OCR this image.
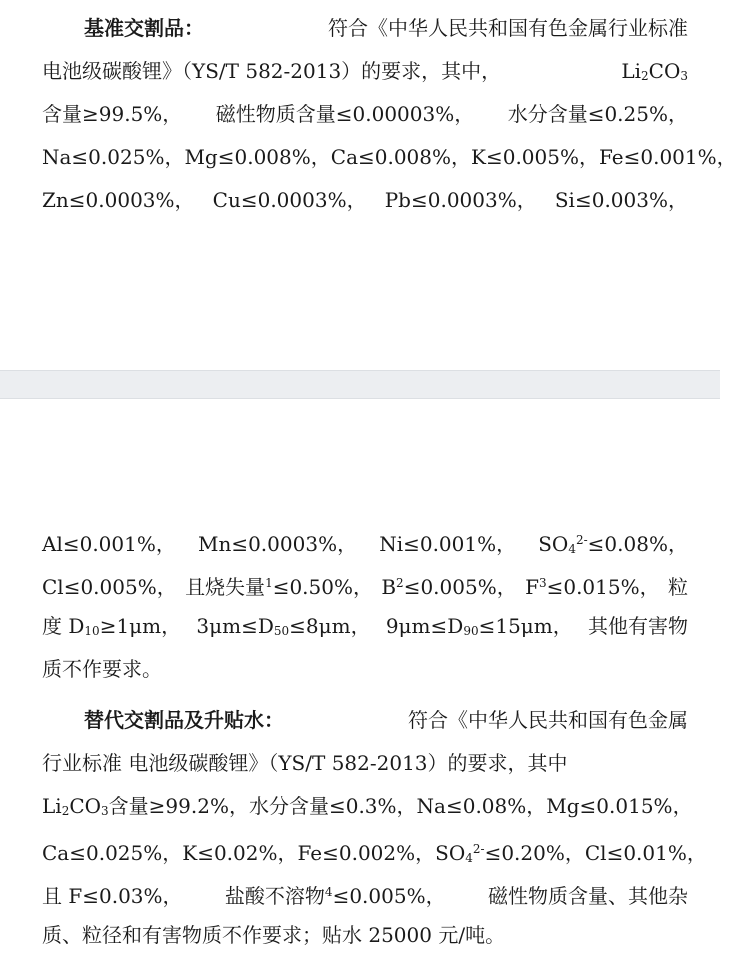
基准交割品：	符合《中华人民共和国有色金属行业标准
电池级碳酸锂》（YS/T 582-2013）的要求，其中，	$Li_2CO_3$
含量≥99.5%， 磁性物质含量≤0.00003%， 水分含量≤0.25%，
Na≤0.025%， Mg≤0.008%， Ca≤0.008%， K≤0.005%， Fe≤0.001%，
Zn≤0.0003%， Cu≤0.0003%， Pb≤0.0003%， Si≤0.003%，
Al≤0.001%， Mn≤0.0003%， Ni≤0.001%， $SO_4^{2-}\le 0.08\%$，
Cl≤0.005%， 且烧失量$^1$≤0.50%， $B^2\le 0.005\%$， $F^3\le 0.015\%$， 粒
度 $D_{10}\ge 1\mu m$， $3\mu m\le D_{50}\le 8\mu m$， $9\mu m\le D_{90}\le 15\mu m$， 其他有害物
质不作要求。
替代交割品及升贴水：	符合《中华人民共和国有色金属
行业标准 电池级碳酸锂》（YS/T 582-2013）的要求，其中
$Li_2CO_3$含量≥99.2%， 水分含量≤0.3%， Na≤0.08%， Mg≤0.015%，
Ca≤0.025%， K≤0.02%， Fe≤0.002%， $SO_4^{2-}\le 0.20\%$， Cl≤0.01%，
且 F≤0.03%， 盐酸不溶物$^4$≤0.005%， 磁性物质含量、其他杂
质、粒径和有害物质不作要求；贴水 25000 元/吨。
